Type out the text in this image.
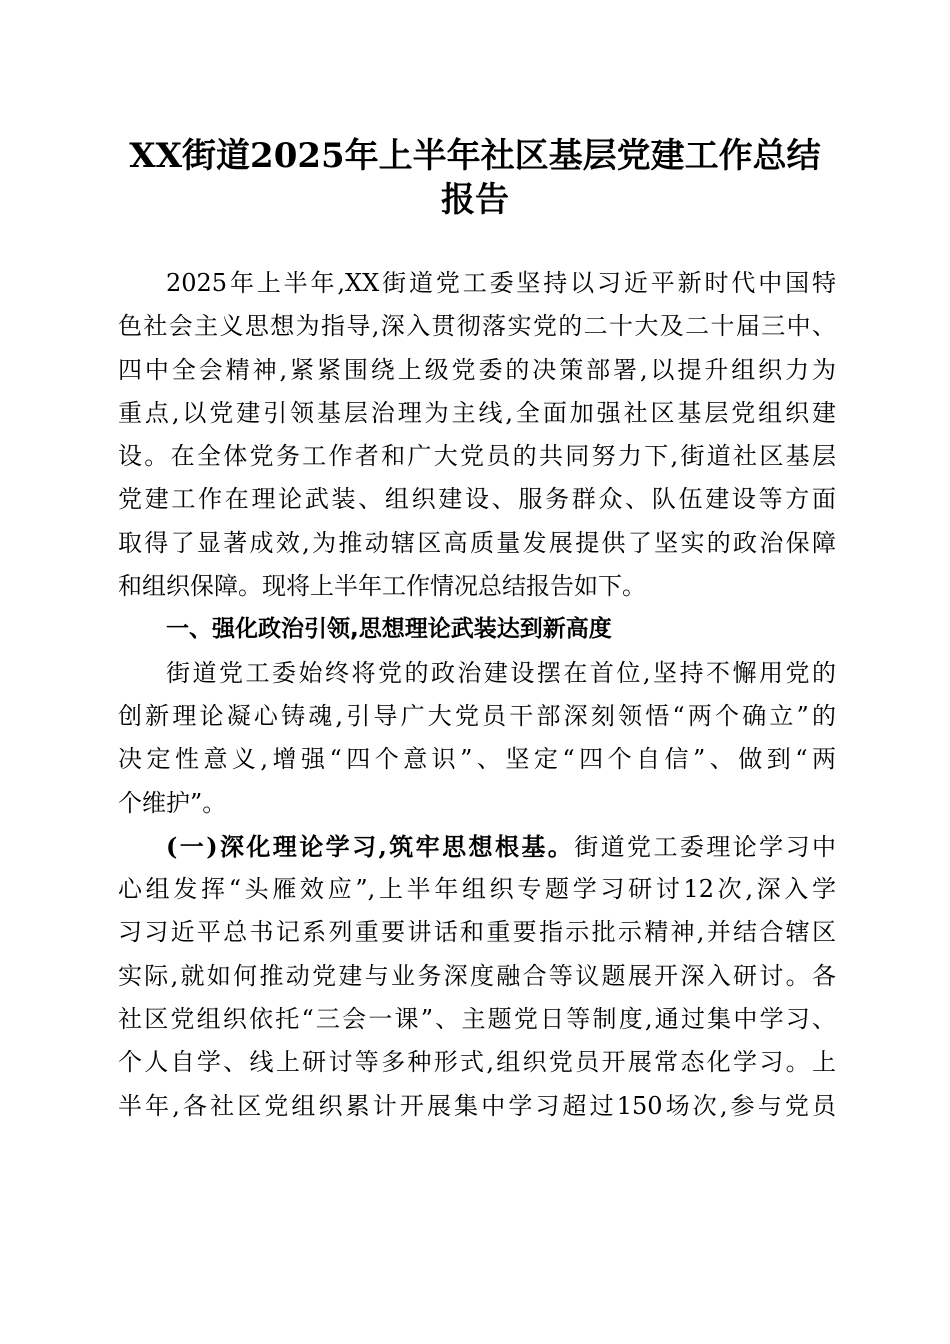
XX街道2025年上半年社区基层党建工作总结
报告
2025年上半年,XX街道党工委坚持以习近平新时代中国特
色社会主义思想为指导,深入贯彻落实党的二十大及二十届三中、
四中全会精神,紧紧围绕上级党委的决策部署,以提升组织力为
重点,以党建引领基层治理为主线,全面加强社区基层党组织建
设。在全体党务工作者和广大党员的共同努力下,街道社区基层
党建工作在理论武装、组织建设、服务群众、队伍建设等方面
取得了显著成效,为推动辖区高质量发展提供了坚实的政治保障
和组织保障。现将上半年工作情况总结报告如下。
一、强化政治引领,思想理论武装达到新高度
街道党工委始终将党的政治建设摆在首位,坚持不懈用党的
创新理论凝心铸魂,引导广大党员干部深刻领悟“两个确立”的
决定性意义,增强“四个意识”、坚定“四个自信”、做到“两
个维护”。
(一)深化理论学习,筑牢思想根基。街道党工委理论学习中
心组发挥“头雁效应”,上半年组织专题学习研讨12次,深入学
习习近平总书记系列重要讲话和重要指示批示精神,并结合辖区
实际,就如何推动党建与业务深度融合等议题展开深入研讨。各
社区党组织依托“三会一课”、主题党日等制度,通过集中学习、
个人自学、线上研讨等多种形式,组织党员开展常态化学习。上
半年,各社区党组织累计开展集中学习超过150场次,参与党员
